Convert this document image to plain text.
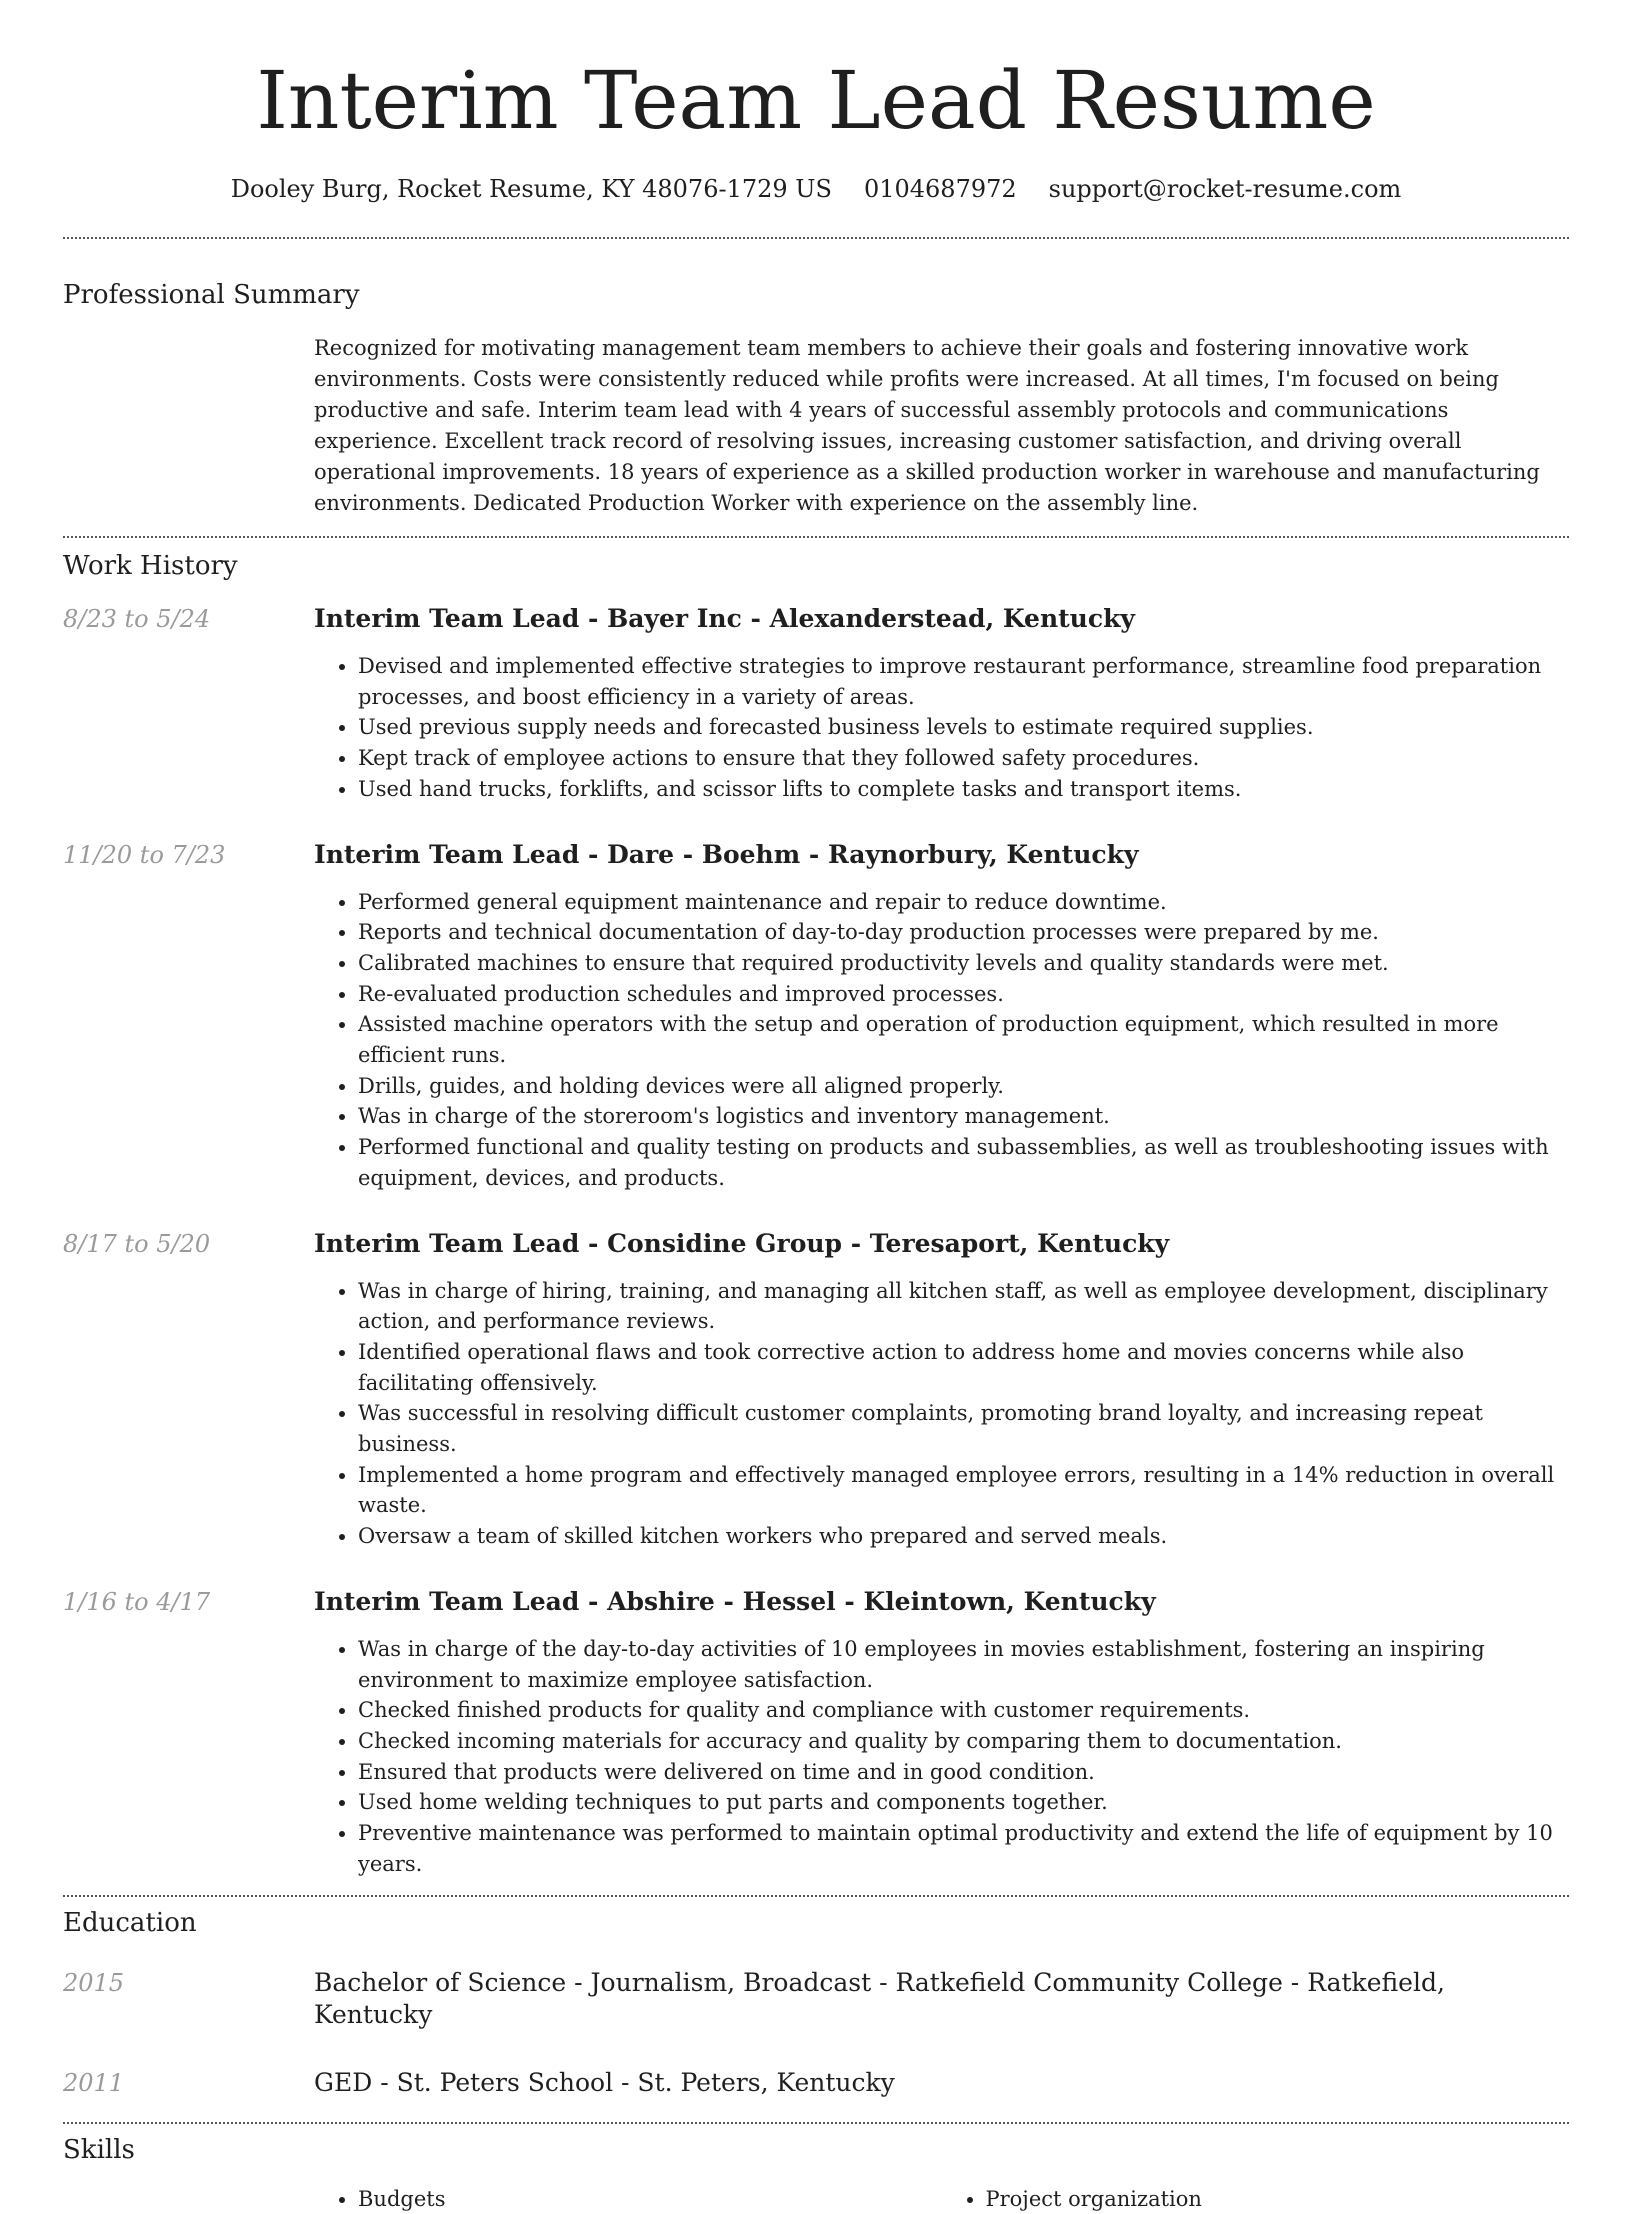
Interim Team Lead Resume
Dooley Burg, Rocket Resume, KY 48076-1729 US 0104687972 support@rocket-resume.com
Professional Summary
Recognized for motivating management team members to achieve their goals and fostering innovative work environments. Costs were consistently reduced while profits were increased. At all times, I'm focused on being productive and safe. Interim team lead with 4 years of successful assembly protocols and communications experience. Excellent track record of resolving issues, increasing customer satisfaction, and driving overall operational improvements. 18 years of experience as a skilled production worker in warehouse and manufacturing environments. Dedicated Production Worker with experience on the assembly line.
Work History
8/23 to 5/24	Interim Team Lead - Bayer Inc - Alexanderstead, Kentucky
• Devised and implemented effective strategies to improve restaurant performance, streamline food preparation processes, and boost efficiency in a variety of areas.
• Used previous supply needs and forecasted business levels to estimate required supplies.
• Kept track of employee actions to ensure that they followed safety procedures.
• Used hand trucks, forklifts, and scissor lifts to complete tasks and transport items.
11/20 to 7/23	Interim Team Lead - Dare - Boehm - Raynorbury, Kentucky
• Performed general equipment maintenance and repair to reduce downtime.
• Reports and technical documentation of day-to-day production processes were prepared by me.
• Calibrated machines to ensure that required productivity levels and quality standards were met.
• Re-evaluated production schedules and improved processes.
• Assisted machine operators with the setup and operation of production equipment, which resulted in more efficient runs.
• Drills, guides, and holding devices were all aligned properly.
• Was in charge of the storeroom's logistics and inventory management.
• Performed functional and quality testing on products and subassemblies, as well as troubleshooting issues with equipment, devices, and products.
8/17 to 5/20	Interim Team Lead - Considine Group - Teresaport, Kentucky
• Was in charge of hiring, training, and managing all kitchen staff, as well as employee development, disciplinary action, and performance reviews.
• Identified operational flaws and took corrective action to address home and movies concerns while also facilitating offensively.
• Was successful in resolving difficult customer complaints, promoting brand loyalty, and increasing repeat business.
• Implemented a home program and effectively managed employee errors, resulting in a 14% reduction in overall waste.
• Oversaw a team of skilled kitchen workers who prepared and served meals.
1/16 to 4/17	Interim Team Lead - Abshire - Hessel - Kleintown, Kentucky
• Was in charge of the day-to-day activities of 10 employees in movies establishment, fostering an inspiring environment to maximize employee satisfaction.
• Checked finished products for quality and compliance with customer requirements.
• Checked incoming materials for accuracy and quality by comparing them to documentation.
• Ensured that products were delivered on time and in good condition.
• Used home welding techniques to put parts and components together.
• Preventive maintenance was performed to maintain optimal productivity and extend the life of equipment by 10 years.
Education
2015	Bachelor of Science - Journalism, Broadcast - Ratkefield Community College - Ratkefield, Kentucky
2011	GED - St. Peters School - St. Peters, Kentucky
Skills
• Budgets
•	Project organization
